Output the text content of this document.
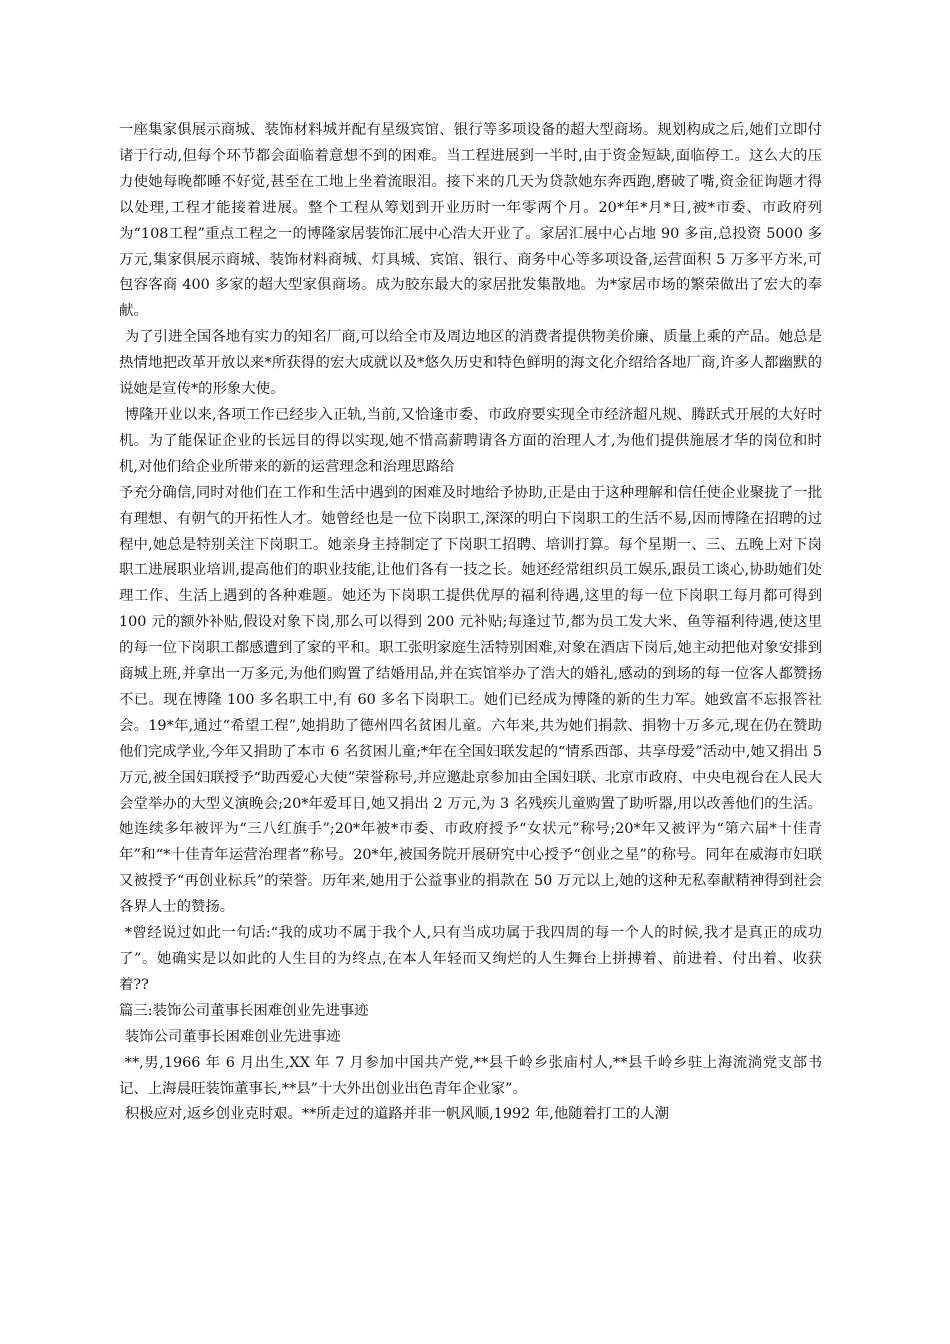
一座集家俱展示商城、装饰材料城并配有星级宾馆、银行等多项设备的超大型商场。规划构成之后,她们立即付诸于行动,但每个环节都会面临着意想不到的困难。当工程进展到一半时,由于资金短缺,面临停工。这么大的压力使她每晚都睡不好觉,甚至在工地上坐着流眼泪。接下来的几天为贷款她东奔西跑,磨破了嘴,资金征询题才得以处理,工程才能接着进展。整个工程从筹划到开业历时一年零两个月。20*年*月*日,被*市委、市政府列为“108工程”重点工程之一的博隆家居装饰汇展中心浩大开业了。家居汇展中心占地 90 多亩,总投资 5000 多万元,集家俱展示商城、装饰材料商城、灯具城、宾馆、银行、商务中心等多项设备,运营面积 5 万多平方米,可包容客商 400 多家的超大型家俱商场。成为胶东最大的家居批发集散地。为*家居市场的繁荣做出了宏大的奉献。

为了引进全国各地有实力的知名厂商,可以给全市及周边地区的消费者提供物美价廉、质量上乘的产品。她总是热情地把改革开放以来*所获得的宏大成就以及*悠久历史和特色鲜明的海文化介绍给各地厂商,许多人都幽默的说她是宣传*的形象大使。

博隆开业以来,各项工作已经步入正轨,当前,又恰逢市委、市政府要实现全市经济超凡规、腾跃式开展的大好时机。为了能保证企业的长远目的得以实现,她不惜高薪聘请各方面的治理人才,为他们提供施展才华的岗位和时机,对他们给企业所带来的新的运营理念和治理思路给

予充分确信,同时对他们在工作和生活中遇到的困难及时地给予协助,正是由于这种理解和信任使企业聚拢了一批有理想、有朝气的开拓性人才。她曾经也是一位下岗职工,深深的明白下岗职工的生活不易,因而博隆在招聘的过程中,她总是特别关注下岗职工。她亲身主持制定了下岗职工招聘、培训打算。每个星期一、三、五晚上对下岗职工进展职业培训,提高他们的职业技能,让他们各有一技之长。她还经常组织员工娱乐,跟员工谈心,协助她们处理工作、生活上遇到的各种难题。她还为下岗职工提供优厚的福利待遇,这里的每一位下岗职工每月都可得到 100 元的额外补贴,假设对象下岗,那么可以得到 200 元补贴;每逢过节,都为员工发大米、鱼等福利待遇,使这里的每一位下岗职工都感遭到了家的平和。职工张明家庭生活特别困难,对象在酒店下岗后,她主动把他对象安排到商城上班,并拿出一万多元,为他们购置了结婚用品,并在宾馆举办了浩大的婚礼,感动的到场的每一位客人都赞扬不已。现在博隆 100 多名职工中,有 60 多名下岗职工。她们已经成为博隆的新的生力军。她致富不忘报答社会。19*年,通过“希望工程”,她捐助了德州四名贫困儿童。六年来,共为她们捐款、捐物十万多元,现在仍在赞助他们完成学业,今年又捐助了本市 6 名贫困儿童;*年在全国妇联发起的“情系西部、共享母爱”活动中,她又捐出 5 万元,被全国妇联授予“助西爱心大使”荣誉称号,并应邀赴京参加由全国妇联、北京市政府、中央电视台在人民大会堂举办的大型义演晚会;20*年爱耳日,她又捐出 2 万元,为 3 名残疾儿童购置了助听器,用以改善他们的生活。她连续多年被评为“三八红旗手”;20*年被*市委、市政府授予“女状元”称号;20*年又被评为“第六届*十佳青年”和“*十佳青年运营治理者”称号。20*年,被国务院开展研究中心授予“创业之星”的称号。同年在威海市妇联又被授予“再创业标兵”的荣誉。历年来,她用于公益事业的捐款在 50 万元以上,她的这种无私奉献精神得到社会各界人士的赞扬。

*曾经说过如此一句话:“我的成功不属于我个人,只有当成功属于我四周的每一个人的时候,我才是真正的成功了”。她确实是以如此的人生目的为终点,在本人年轻而又绚烂的人生舞台上拼搏着、前进着、付出着、收获着??

篇三:装饰公司董事长困难创业先进事迹

装饰公司董事长困难创业先进事迹

**,男,1966 年 6 月出生,XX 年 7 月参加中国共产党,**县千岭乡张庙村人,**县千岭乡驻上海流淌党支部书记、上海晨旺装饰董事长,**县”十大外出创业出色青年企业家”。

积极应对,返乡创业克时艰。**所走过的道路并非一帆风顺,1992 年,他随着打工的人潮
